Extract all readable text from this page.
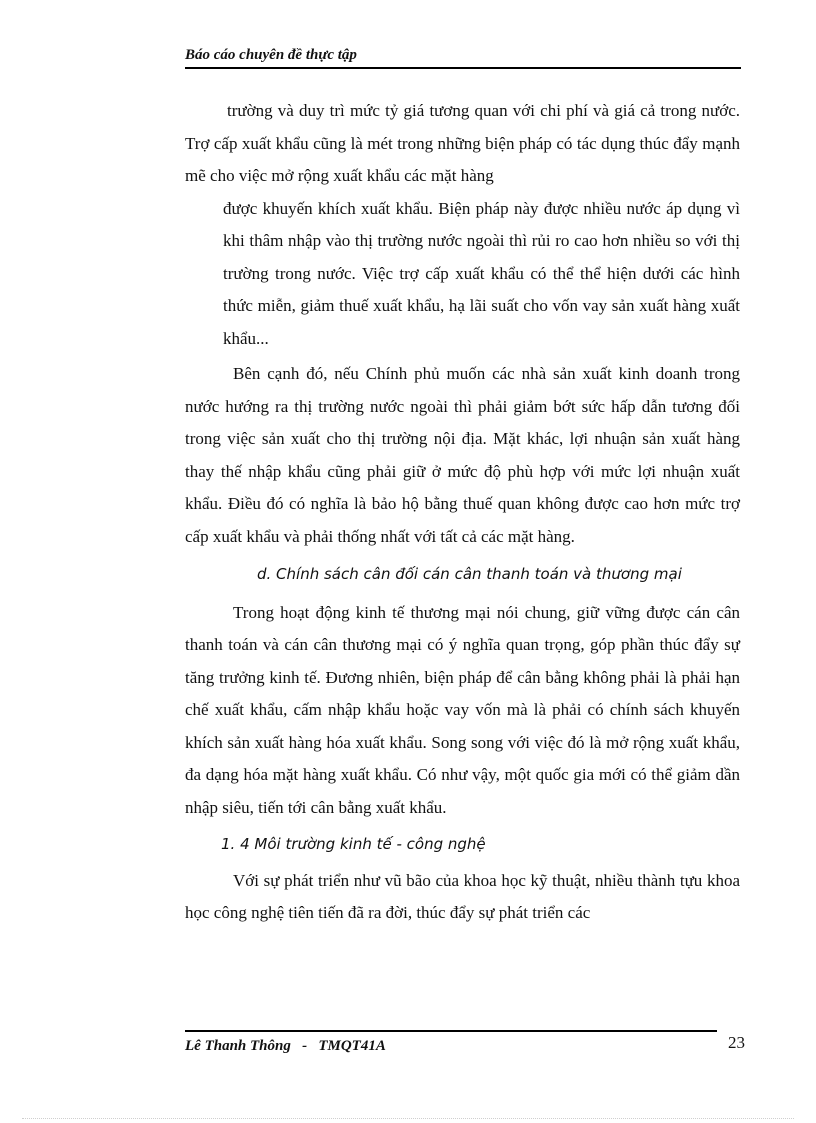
Báo cáo chuyên đề thực tập

trường và duy trì mức tỷ giá tương quan với chi phí và giá cả trong nước. Trợ cấp xuất khẩu cũng là mét trong những biện pháp có tác dụng thúc đẩy mạnh mẽ cho việc mở rộng xuất khẩu các mặt hàng

được khuyến khích xuất khẩu. Biện pháp này được nhiều nước áp dụng vì khi thâm nhập vào thị trường nước ngoài thì rủi ro cao hơn nhiều so với thị trường trong nước. Việc trợ cấp xuất khẩu có thể thể hiện dưới các hình thức miễn, giảm thuế xuất khẩu, hạ lãi suất cho vốn vay sản xuất hàng xuất khẩu...

Bên cạnh đó, nếu Chính phủ muốn các nhà sản xuất kinh doanh trong nước hướng ra thị trường nước ngoài thì phải giảm bớt sức hấp dẫn tương đối trong việc sản xuất cho thị trường nội địa. Mặt khác, lợi nhuận sản xuất hàng thay thế nhập khẩu cũng phải giữ ở mức độ phù hợp với mức lợi nhuận xuất khẩu. Điều đó có nghĩa là bảo hộ bằng thuế quan không được cao hơn mức trợ cấp xuất khẩu và phải thống nhất với tất cả các mặt hàng.

d. Chính sách cân đối cán cân thanh toán và thương mại

Trong hoạt động kinh tế thương mại nói chung, giữ vững được cán cân thanh toán và cán cân thương mại có ý nghĩa quan trọng, góp phần thúc đẩy sự tăng trưởng kinh tế. Đương nhiên, biện pháp để cân bằng không phải là phải hạn chế xuất khẩu, cấm nhập khẩu hoặc vay vốn mà là phải có chính sách khuyến khích sản xuất hàng hóa xuất khẩu. Song song với việc đó là mở rộng xuất khẩu, đa dạng hóa mặt hàng xuất khẩu. Có như vậy, một quốc gia mới có thể giảm dần nhập siêu, tiến tới cân bằng xuất khẩu.

1. 4 Môi trường kinh tế - công nghệ

Với sự phát triển như vũ bão của khoa học kỹ thuật, nhiều thành tựu khoa học công nghệ tiên tiến đã ra đời, thúc đẩy sự phát triển các

Lê Thanh Thông   -   TMQT41A	23
